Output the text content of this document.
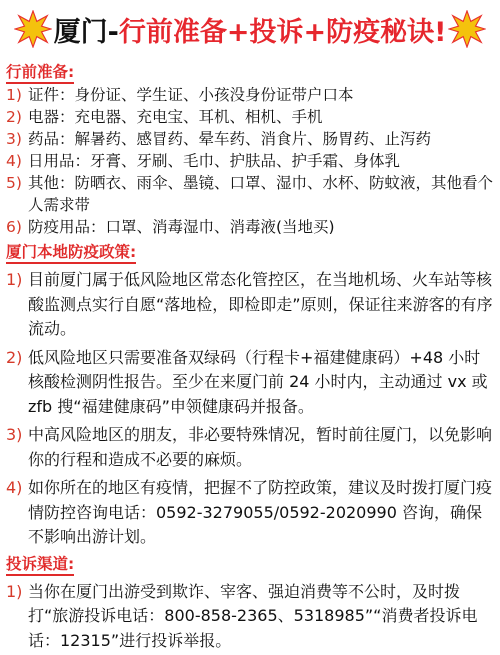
厦门-行前准备+投诉+防疫秘诀!
行前准备:
1) 证件：身份证、学生证、小孩没身份证带户口本
2) 电器：充电器、充电宝、耳机、相机、手机
3) 药品：解暑药、感冒药、晕车药、消食片、肠胃药、止泻药
4) 日用品：牙膏、牙刷、毛巾、护肤品、护手霜、身体乳
5) 其他：防晒衣、雨伞、墨镜、口罩、湿巾、水杯、防蚊液，其他看个人需求带
6) 防疫用品：口罩、消毒湿巾、消毒液(当地买)
厦门本地防疫政策:
1) 目前厦门属于低风险地区常态化管控区，在当地机场、火车站等核酸监测点实行自愿“落地检，即检即走”原则，保证往来游客的有序流动。
2) 低风险地区只需要准备双绿码（行程卡+福建健康码）+48 小时核酸检测阴性报告。至少在来厦门前 24 小时内，主动通过 vx 或 zfb 搜“福建健康码”申领健康码并报备。
3) 中高风险地区的朋友，非必要特殊情况，暂时前往厦门，以免影响你的行程和造成不必要的麻烦。
4) 如你所在的地区有疫情，把握不了防控政策，建议及时拨打厦门疫情防控咨询电话：0592-3279055/0592-2020990 咨询，确保不影响出游计划。
投诉渠道:
1) 当你在厦门出游受到欺诈、宰客、强迫消费等不公时，及时拨打“旅游投诉电话：800-858-2365、5318985”“消费者投诉电话：12315”进行投诉举报。
